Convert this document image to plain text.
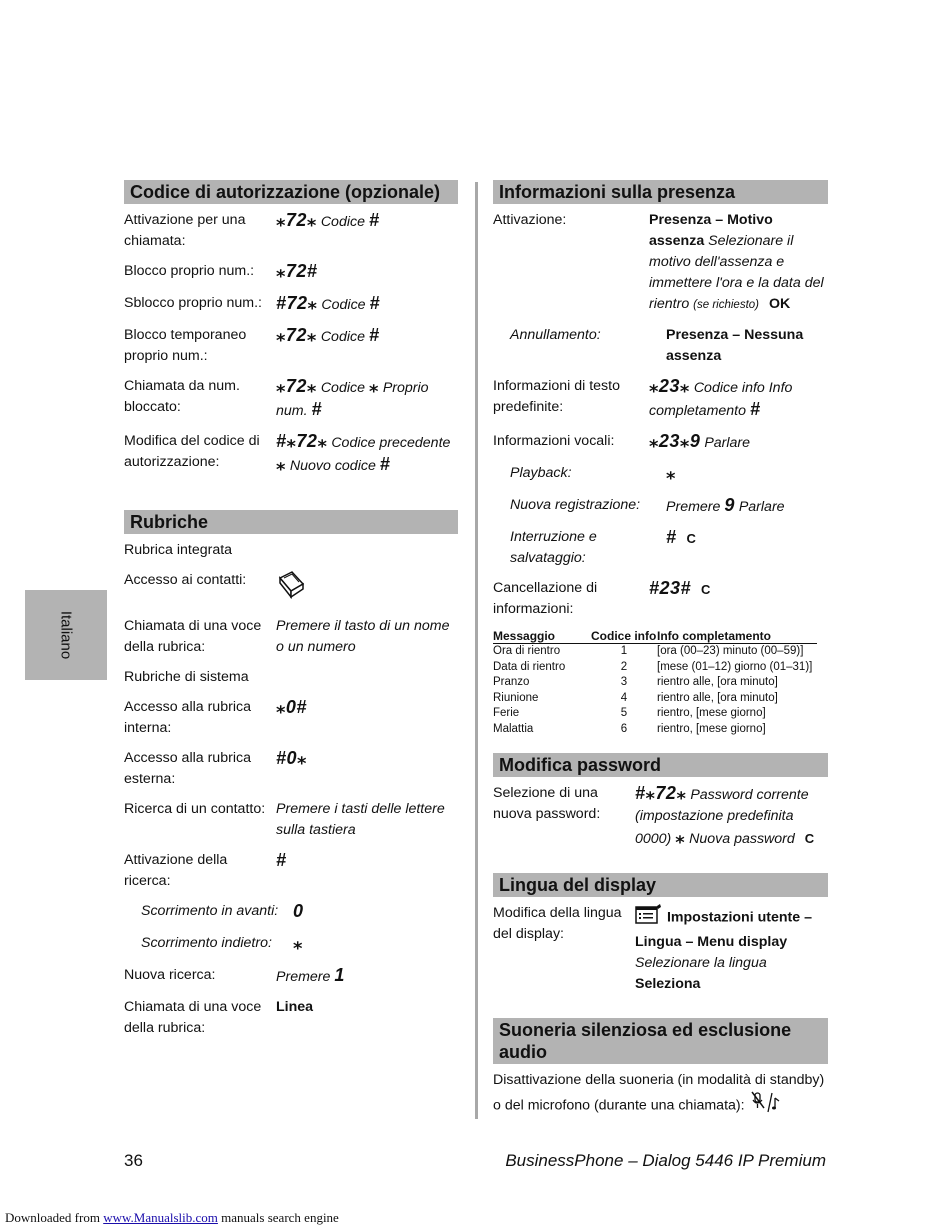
Italiano
Codice di autorizzazione (opzionale)
Attivazione per una chiamata:
⁎72⁎ Codice #
Blocco proprio num.:	⁎72#
Sblocco proprio num.: #72⁎ Codice #
Blocco temporaneo proprio num.:
⁎72⁎ Codice #
Chiamata da num. bloccato:
⁎72⁎ Codice ⁎ Proprio num. #
Modifica del codice di autorizzazione:
#⁎72⁎ Codice precedente ⁎ Nuovo codice #
Rubriche
Rubrica integrata
Accesso ai contatti:
Chiamata di una voce della rubrica:
Premere il tasto di un nome o un numero
Rubriche di sistema
Accesso alla rubrica interna:
⁎0#
Accesso alla rubrica esterna:
#0⁎
Ricerca di un contatto: Premere i tasti delle lettere sulla tastiera
Attivazione della ricerca:
#
Scorrimento in avanti: 0
Scorrimento indietro:	⁎
Nuova ricerca:	Premere 1
Chiamata di una voce della rubrica:
Linea
Informazioni sulla presenza
Attivazione:	Presenza – Motivo assenza Selezionare il motivo dell'assenza e immettere l'ora e la data del rientro (se richiesto) OK
Annullamento:	Presenza – Nessuna assenza
Informazioni di testo predefinite:
⁎23⁎ Codice info Info completamento #
Informazioni vocali:	⁎23⁎9 Parlare
Playback:	⁎
Nuova registrazione:	Premere 9 Parlare
Interruzione e salvataggio:
# C
Cancellazione di informazioni:
#23# C
Messaggio	Codice info	Info completamento
Ora di rientro	1	[ora (00–23) minuto (00–59)]
Data di rientro	2	[mese (01–12) giorno (01–31)]
Pranzo	3	rientro alle, [ora minuto]
Riunione	4	rientro alle, [ora minuto]
Ferie	5	rientro, [mese giorno]
Malattia	6	rientro, [mese giorno]
Modifica password
Selezione di una nuova password:
#⁎72⁎ Password corrente (impostazione predefinita 0000) ⁎ Nuova password C
Lingua del display
Modifica della lingua del display:
Impostazioni utente – Lingua – Menu display
Selezionare la lingua
Seleziona
Suoneria silenziosa ed esclusione audio
Disattivazione della suoneria (in modalità di standby) o del microfono (durante una chiamata):
36	BusinessPhone – Dialog 5446 IP Premium
Downloaded from www.Manualslib.com manuals search engine
